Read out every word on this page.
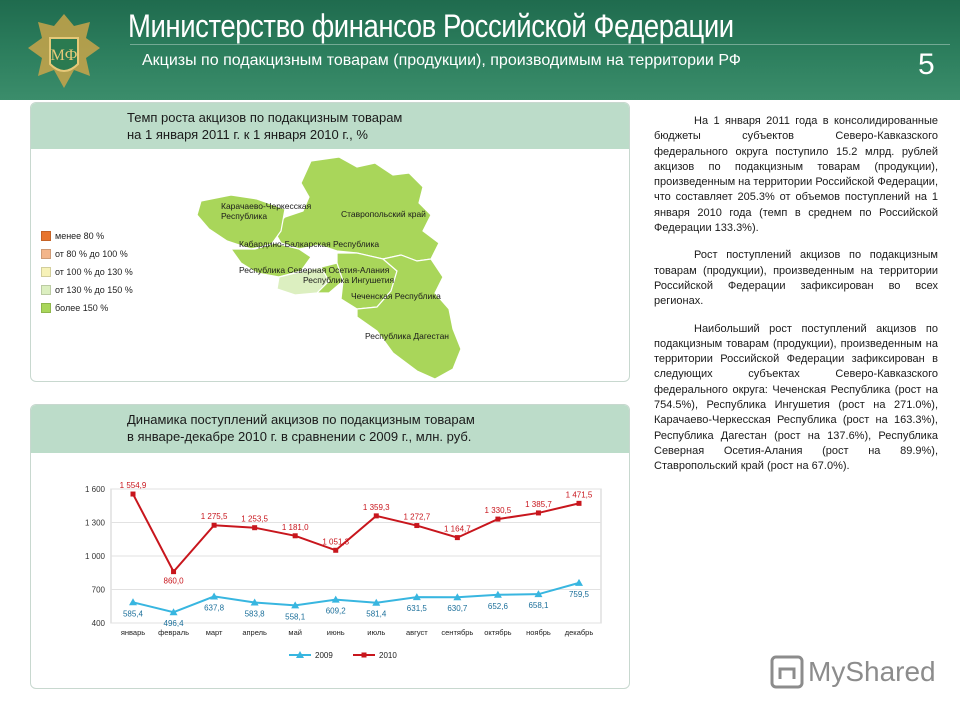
МФ
Министерство финансов Российской Федерации
Акцизы по подакцизным товарам (продукции), производимым на территории РФ	5
Темп роста акцизов по подакцизным товарам
на 1 января 2011 г. к 1 января 2010 г., %
менее 80 %
от 80 % до 100 %
от 100 % до 130 %
от 130 % до 150 %
более 150 %
Карачаево-Черкесская
Республика	Ставропольский край
Кабардино-Балкарская Республика
Республика Северная Осетия-Алания
Республика Ингушетия
Чеченская Республика
Республика Дагестан
Динамика поступлений акцизов по подакцизным товарам
в январе-декабре 2010 г. в сравнении с 2009 г., млн. руб.
400
700
1 000
1 300
1 600
январь февраль март	апрель	май	июнь	июль	август сентябрь октябрь ноябрь декабрь
585,4
496,4
637,8
583,8	558,1
609,2	581,4
631,5	630,7	652,6	658,1
759,5
1 554,9
860,0
1 275,5 1 253,5
1 181,0
1 051,3
1 359,3
1 272,7
1 164,7
1 330,5
1 385,7
1 471,5
2009	2010

На 1 января 2011 года в консолидированные бюджеты субъектов Северо-Кавказского федерального округа поступило 15.2 млрд. рублей акцизов по подакцизным товарам (продукции), произведенным на территории Российской Федерации, что составляет 205.3% от объемов поступлений на 1 января 2010 года (темп в среднем по Российской Федерации 133.3%).

Рост поступлений акцизов по подакцизным товарам (продукции), произведенным на территории Российской Федерации зафиксирован во всех регионах.

Наибольший рост поступлений акцизов по подакцизным товарам (продукции), произведенным на территории Российской Федерации зафиксирован в следующих субъектах Северо-Кавказского федерального округа: Чеченская Республика (рост на 754.5%), Республика Ингушетия (рост на 271.0%), Карачаево-Черкесская Республика (рост на 163.3%), Республика Дагестан (рост на 137.6%), Республика Северная Осетия-Алания (рост на 89.9%), Ставропольский край (рост на 67.0%).

MyShared
